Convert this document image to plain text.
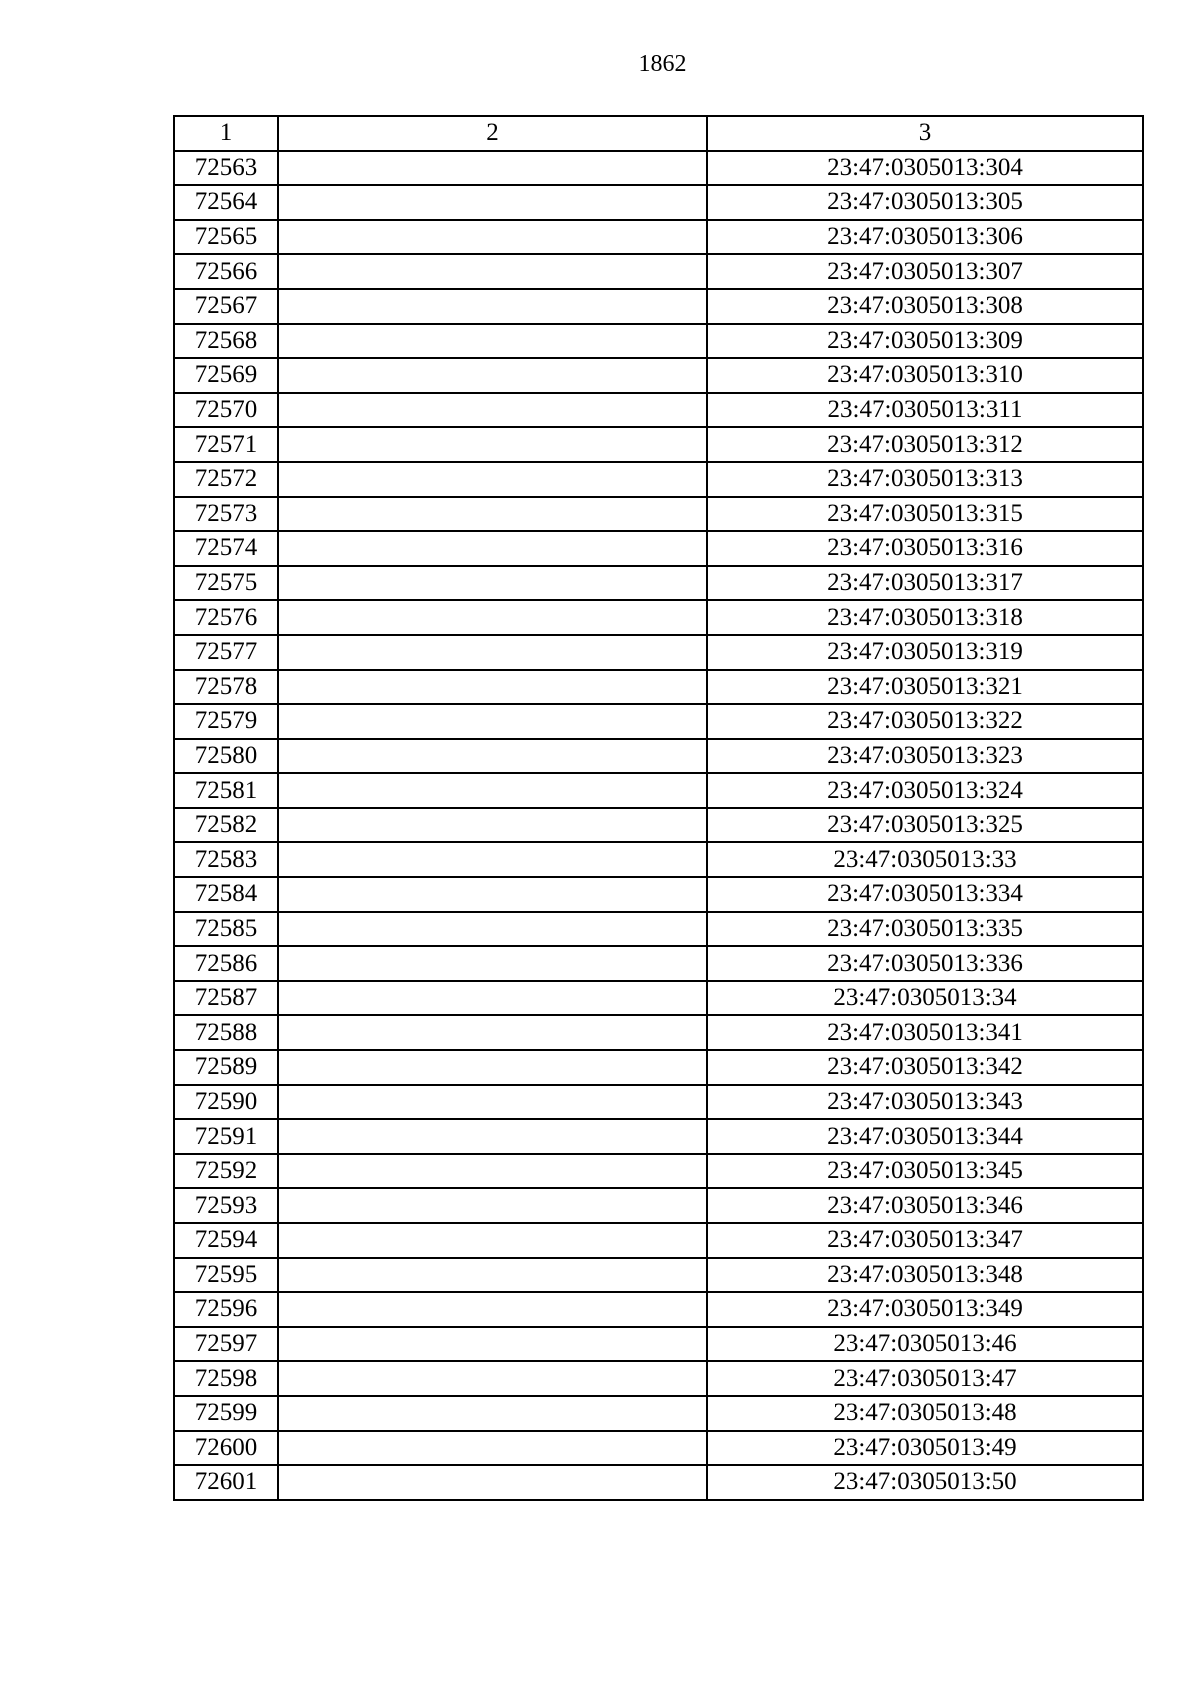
1862
1	2	3
72563		23:47:0305013:304
72564		23:47:0305013:305
72565		23:47:0305013:306
72566		23:47:0305013:307
72567		23:47:0305013:308
72568		23:47:0305013:309
72569		23:47:0305013:310
72570		23:47:0305013:311
72571		23:47:0305013:312
72572		23:47:0305013:313
72573		23:47:0305013:315
72574		23:47:0305013:316
72575		23:47:0305013:317
72576		23:47:0305013:318
72577		23:47:0305013:319
72578		23:47:0305013:321
72579		23:47:0305013:322
72580		23:47:0305013:323
72581		23:47:0305013:324
72582		23:47:0305013:325
72583		23:47:0305013:33
72584		23:47:0305013:334
72585		23:47:0305013:335
72586		23:47:0305013:336
72587		23:47:0305013:34
72588		23:47:0305013:341
72589		23:47:0305013:342
72590		23:47:0305013:343
72591		23:47:0305013:344
72592		23:47:0305013:345
72593		23:47:0305013:346
72594		23:47:0305013:347
72595		23:47:0305013:348
72596		23:47:0305013:349
72597		23:47:0305013:46
72598		23:47:0305013:47
72599		23:47:0305013:48
72600		23:47:0305013:49
72601		23:47:0305013:50
